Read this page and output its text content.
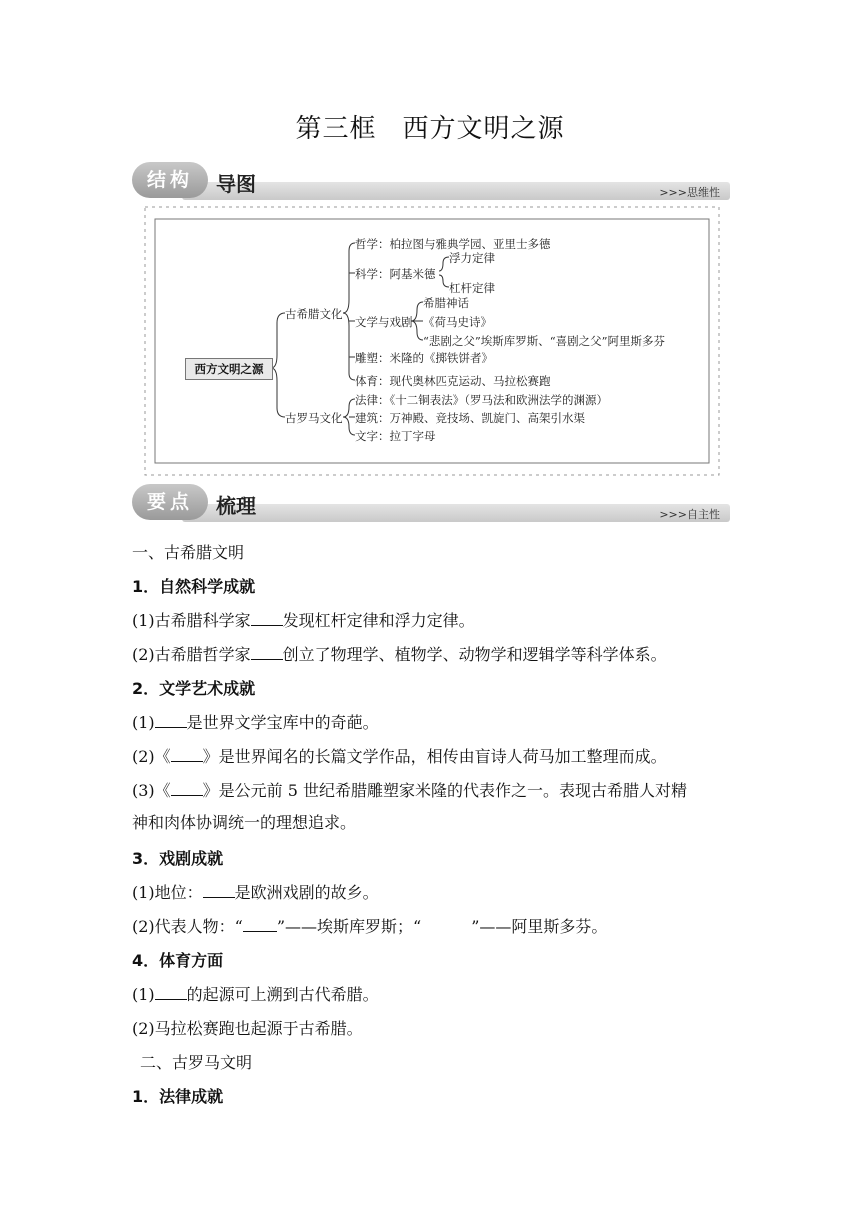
第三框 西方文明之源
结构	导图	>>>思维性
西方文明之源
古希腊文化
古罗马文化
哲学：柏拉图与雅典学园、亚里士多德
科学：阿基米德
浮力定律
杠杆定律
文学与戏剧
希腊神话
《荷马史诗》
“悲剧之父”埃斯库罗斯、“喜剧之父”阿里斯多芬
雕塑：米隆的《掷铁饼者》
体育：现代奥林匹克运动、马拉松赛跑
法律：《十二铜表法》（罗马法和欧洲法学的渊源）
建筑：万神殿、竞技场、凯旋门、高架引水渠
文字：拉丁字母
要点	梳理	>>>自主性
一、古希腊文明
1．自然科学成就
(1)古希腊科学家 发现杠杆定律和浮力定律。
(2)古希腊哲学家 创立了物理学、植物学、动物学和逻辑学等科学体系。
2．文学艺术成就
(1) 是世界文学宝库中的奇葩。
(2)《 》是世界闻名的长篇文学作品，相传由盲诗人荷马加工整理而成。
(3)《 》是公元前 5 世纪希腊雕塑家米隆的代表作之一。表现古希腊人对精
神和肉体协调统一的理想追求。
3．戏剧成就
(1)地位： 是欧洲戏剧的故乡。
(2)代表人物：“ ”——埃斯库罗斯；“	”——阿里斯多芬。
4．体育方面
(1) 的起源可上溯到古代希腊。
(2)马拉松赛跑也起源于古希腊。
二、古罗马文明
1．法律成就
